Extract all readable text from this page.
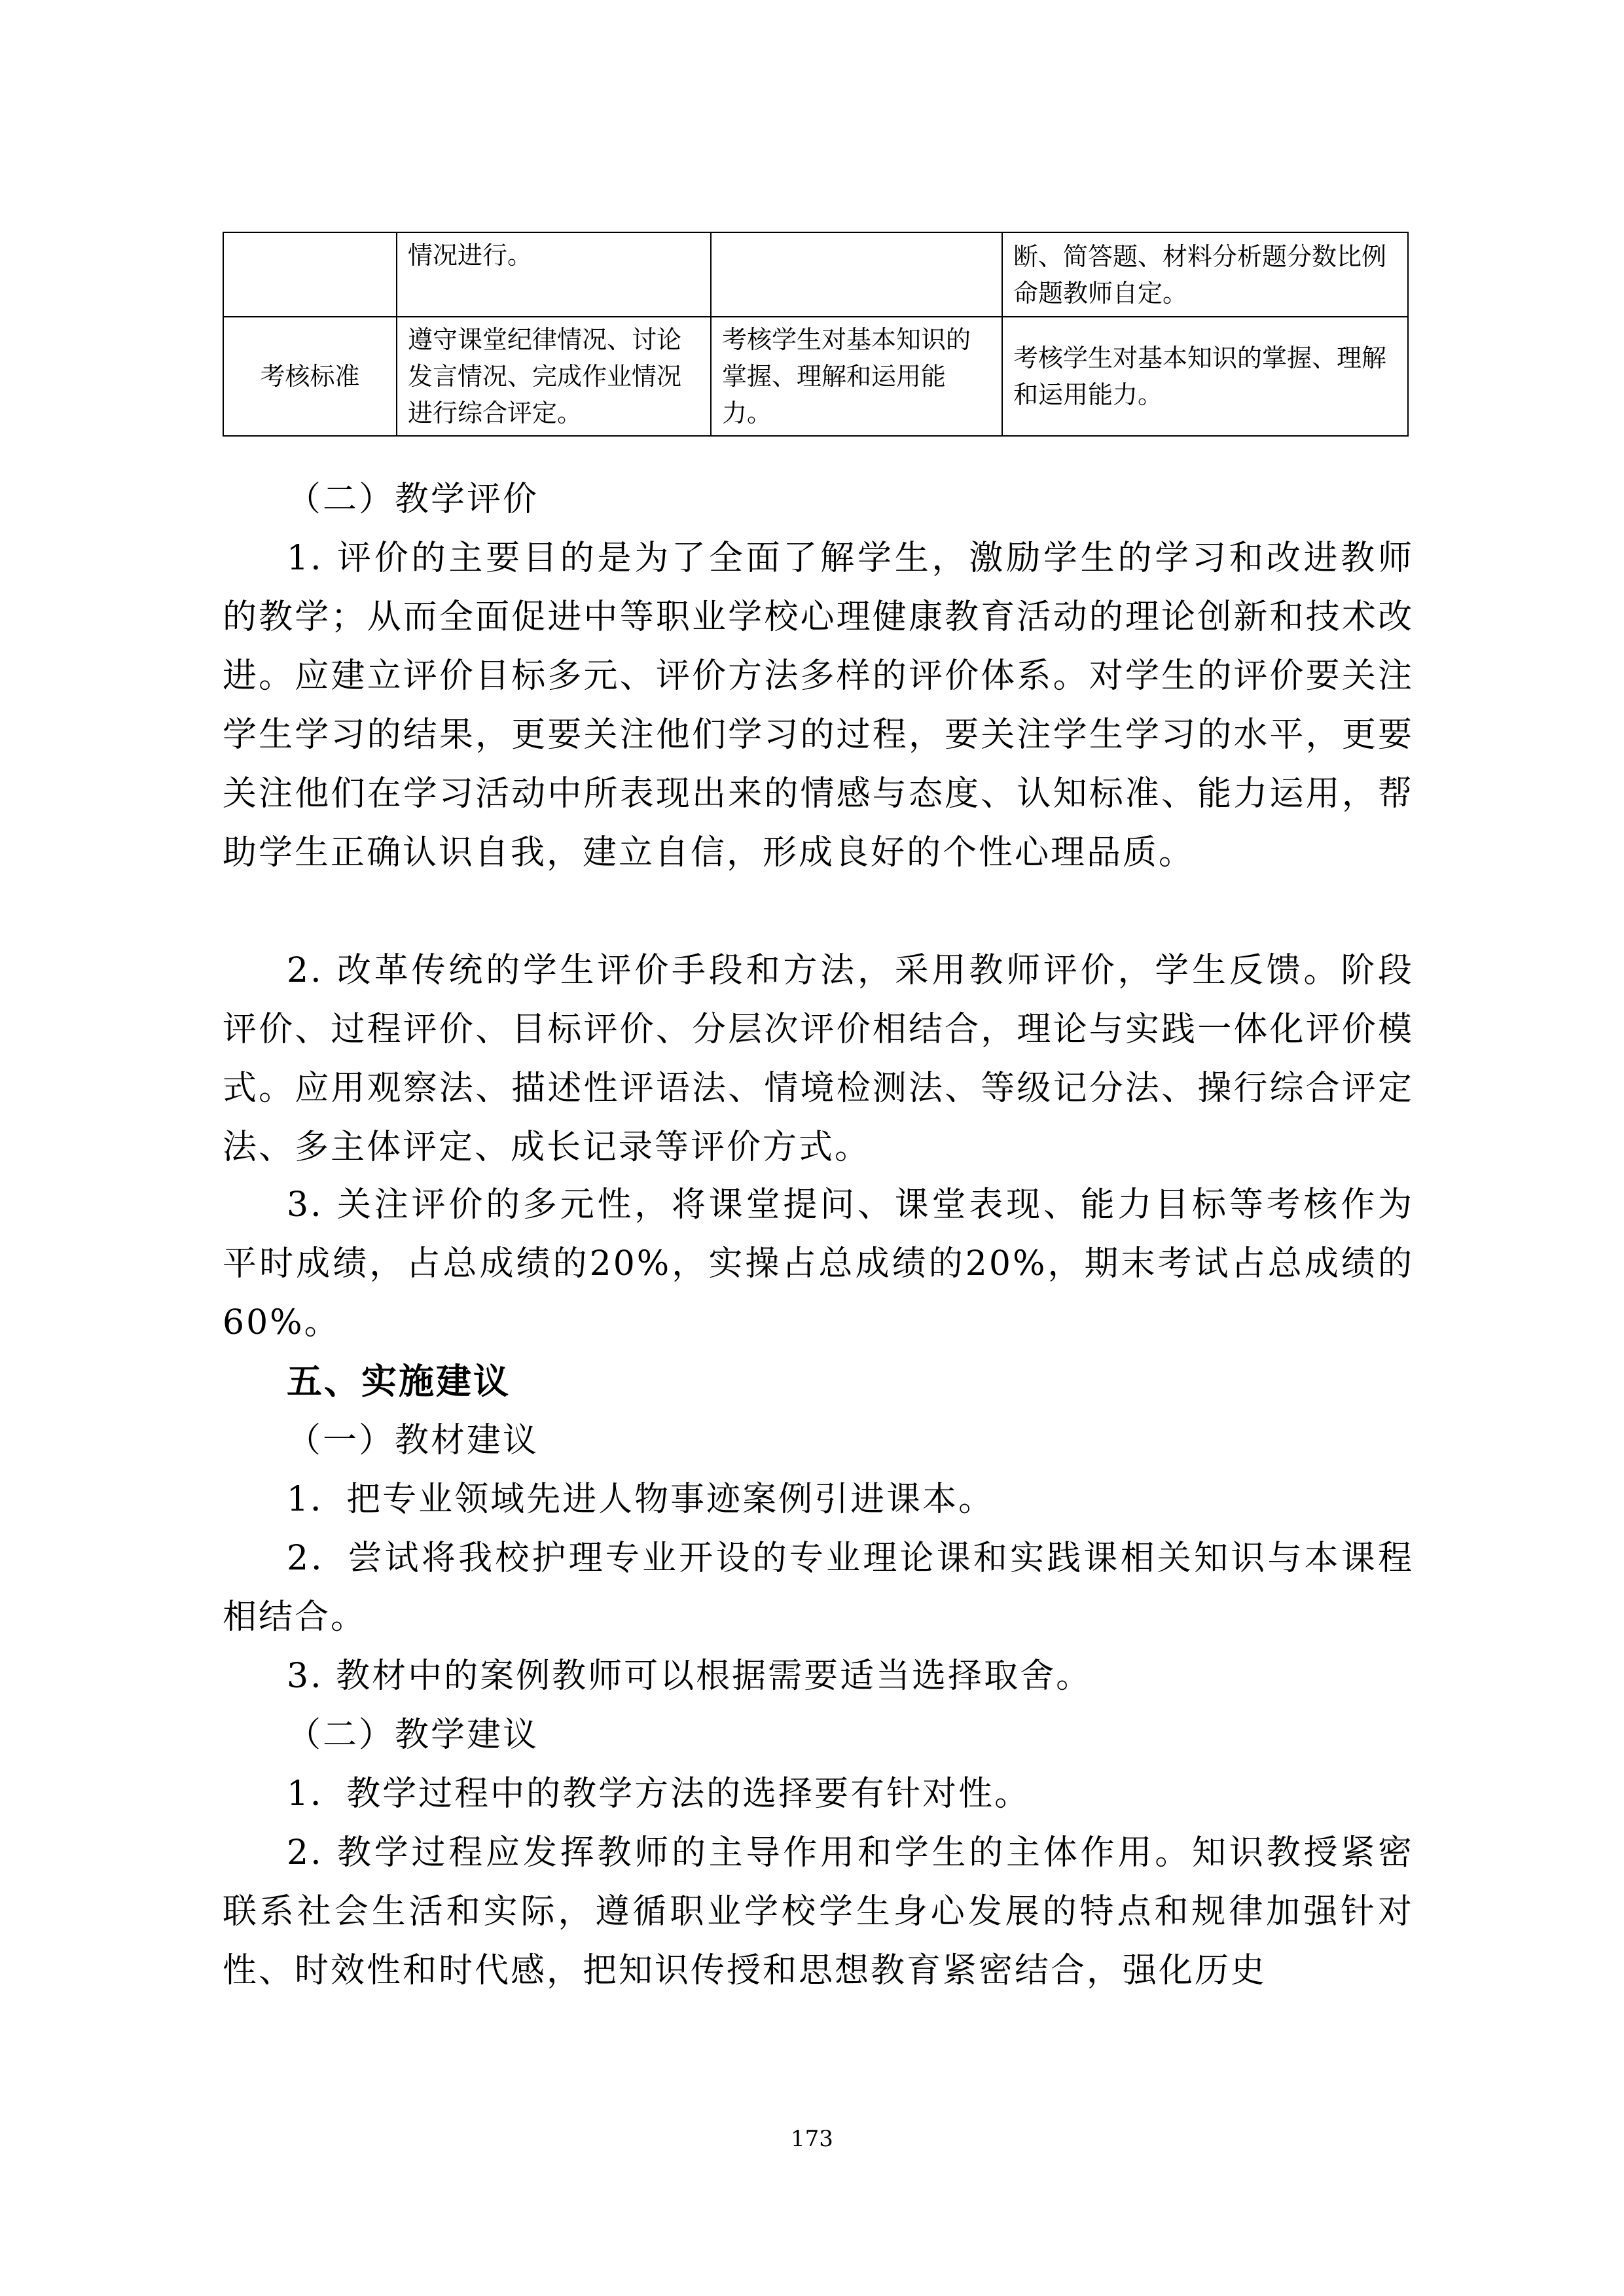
	情况进行。		断、简答题、材料分析题分数比例命题教师自定。
考核标准	遵守课堂纪律情况、讨论发言情况、完成作业情况进行综合评定。	考核学生对基本知识的掌握、理解和运用能力。	考核学生对基本知识的掌握、理解和运用能力。
（二）教学评价
1. 评价的主要目的是为了全面了解学生，激励学生的学习和改进教师的教学；从而全面促进中等职业学校心理健康教育活动的理论创新和技术改进。应建立评价目标多元、评价方法多样的评价体系。对学生的评价要关注学生学习的结果，更要关注他们学习的过程，要关注学生学习的水平，更要关注他们在学习活动中所表现出来的情感与态度、认知标准、能力运用，帮助学生正确认识自我，建立自信，形成良好的个性心理品质。
2. 改革传统的学生评价手段和方法，采用教师评价，学生反馈。阶段评价、过程评价、目标评价、分层次评价相结合，理论与实践一体化评价模式。应用观察法、描述性评语法、情境检测法、等级记分法、操行综合评定法、多主体评定、成长记录等评价方式。
3. 关注评价的多元性，将课堂提问、课堂表现、能力目标等考核作为平时成绩，占总成绩的20%，实操占总成绩的20%，期末考试占总成绩的60%。
五、实施建议
（一）教材建议
1．把专业领域先进人物事迹案例引进课本。
2．尝试将我校护理专业开设的专业理论课和实践课相关知识与本课程相结合。
3. 教材中的案例教师可以根据需要适当选择取舍。
（二）教学建议
1．教学过程中的教学方法的选择要有针对性。
2. 教学过程应发挥教师的主导作用和学生的主体作用。知识教授紧密联系社会生活和实际，遵循职业学校学生身心发展的特点和规律加强针对性、时效性和时代感，把知识传授和思想教育紧密结合，强化历史
173
